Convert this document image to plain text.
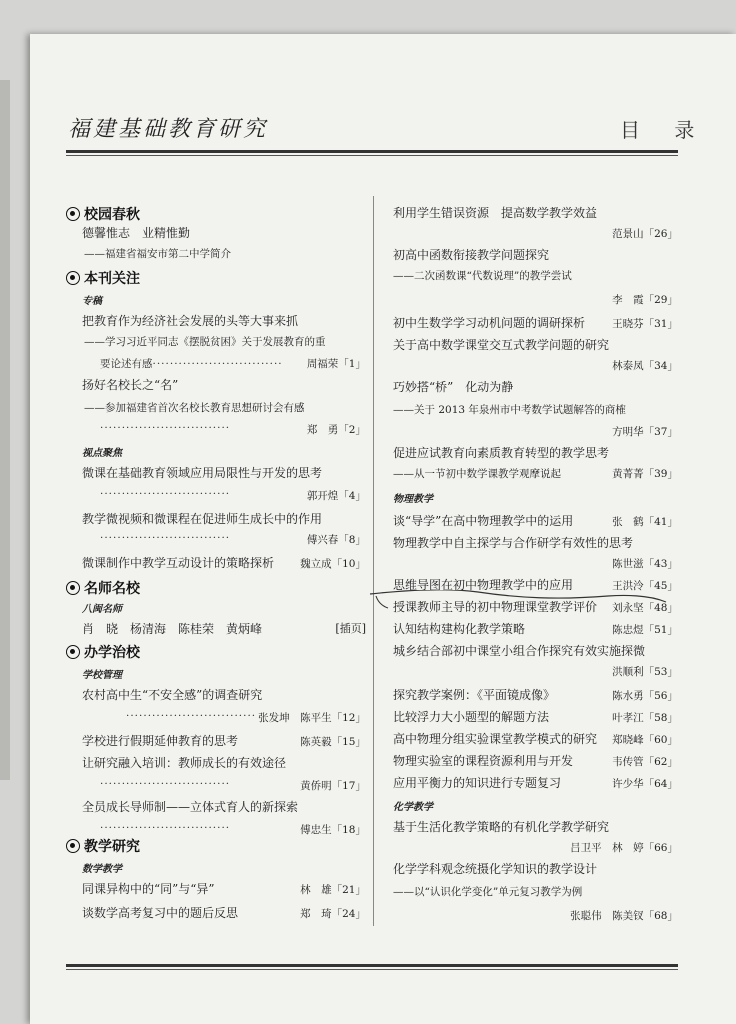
福建基础教育研究	目 录
校园春秋
德馨惟志　业精惟勤
——福建省福安市第二中学简介
本刊关注
专稿
把教育作为经济社会发展的头等大事来抓
——学习习近平同志《摆脱贫困》关于发展教育的重
要论述有感······························	周福荣「1」
扬好名校长之“名”
——参加福建省首次名校长教育思想研讨会有感
······························	郑　勇「2」
视点聚焦
微课在基础教育领域应用局限性与开发的思考
······························	郭开煌「4」
教学微视频和微课程在促进师生成长中的作用
······························	傅兴春「8」
微课制作中教学互动设计的策略探析 魏立成「10」
名师名校
八闽名师
肖　晓　杨清海　陈桂荣　黄炳峰	[插页]
办学治校
学校管理
农村高中生“不安全感”的调查研究
······························ 张发坤　陈平生「12」
学校进行假期延伸教育的思考	陈英毅「15」
让研究融入培训：教师成长的有效途径
······························	黄侨明「17」
全员成长导师制——立体式育人的新探索
······························	傅忠生「18」
教学研究
数学教学
同课异构中的“同”与“异”	林　雄「21」
谈数学高考复习中的题后反思	郑　琦「24」
利用学生错误资源　提高数学教学效益
范景山「26」
初高中函数衔接教学问题探究
——二次函数课“代数说理”的教学尝试
李　霞「29」
初中生数学学习动机问题的调研探析	王晓芬「31」
关于高中数学课堂交互式教学问题的研究
林泰凤「34」
巧妙搭“桥”　化动为静
——关于 2013 年泉州市中考数学试题解答的商榷
方明华「37」
促进应试教育向素质教育转型的教学思考
——从一节初中数学课教学观摩说起	黄菁菁「39」
物理教学
谈“导学”在高中物理教学中的运用	张　鹤「41」
物理教学中自主探学与合作研学有效性的思考
陈世滋「43」
思维导图在初中物理教学中的应用	王洪泠「45」
授课教师主导的初中物理课堂教学评价 刘永坚「48」
认知结构建构化教学策略	陈忠煜「51」
城乡结合部初中课堂小组合作探究有效实施探微
洪顺利「53」
探究教学案例：《平面镜成像》	陈水勇「56」
比较浮力大小题型的解题方法	叶孝江「58」
高中物理分组实验课堂教学模式的研究 郑晓峰「60」
物理实验室的课程资源利用与开发	韦传管「62」
应用平衡力的知识进行专题复习	许少华「64」
化学教学
基于生活化教学策略的有机化学教学研究
吕卫平　林　婷「66」
化学学科观念统摄化学知识的教学设计
——以“认识化学变化”单元复习教学为例
张聪伟　陈美钗「68」
